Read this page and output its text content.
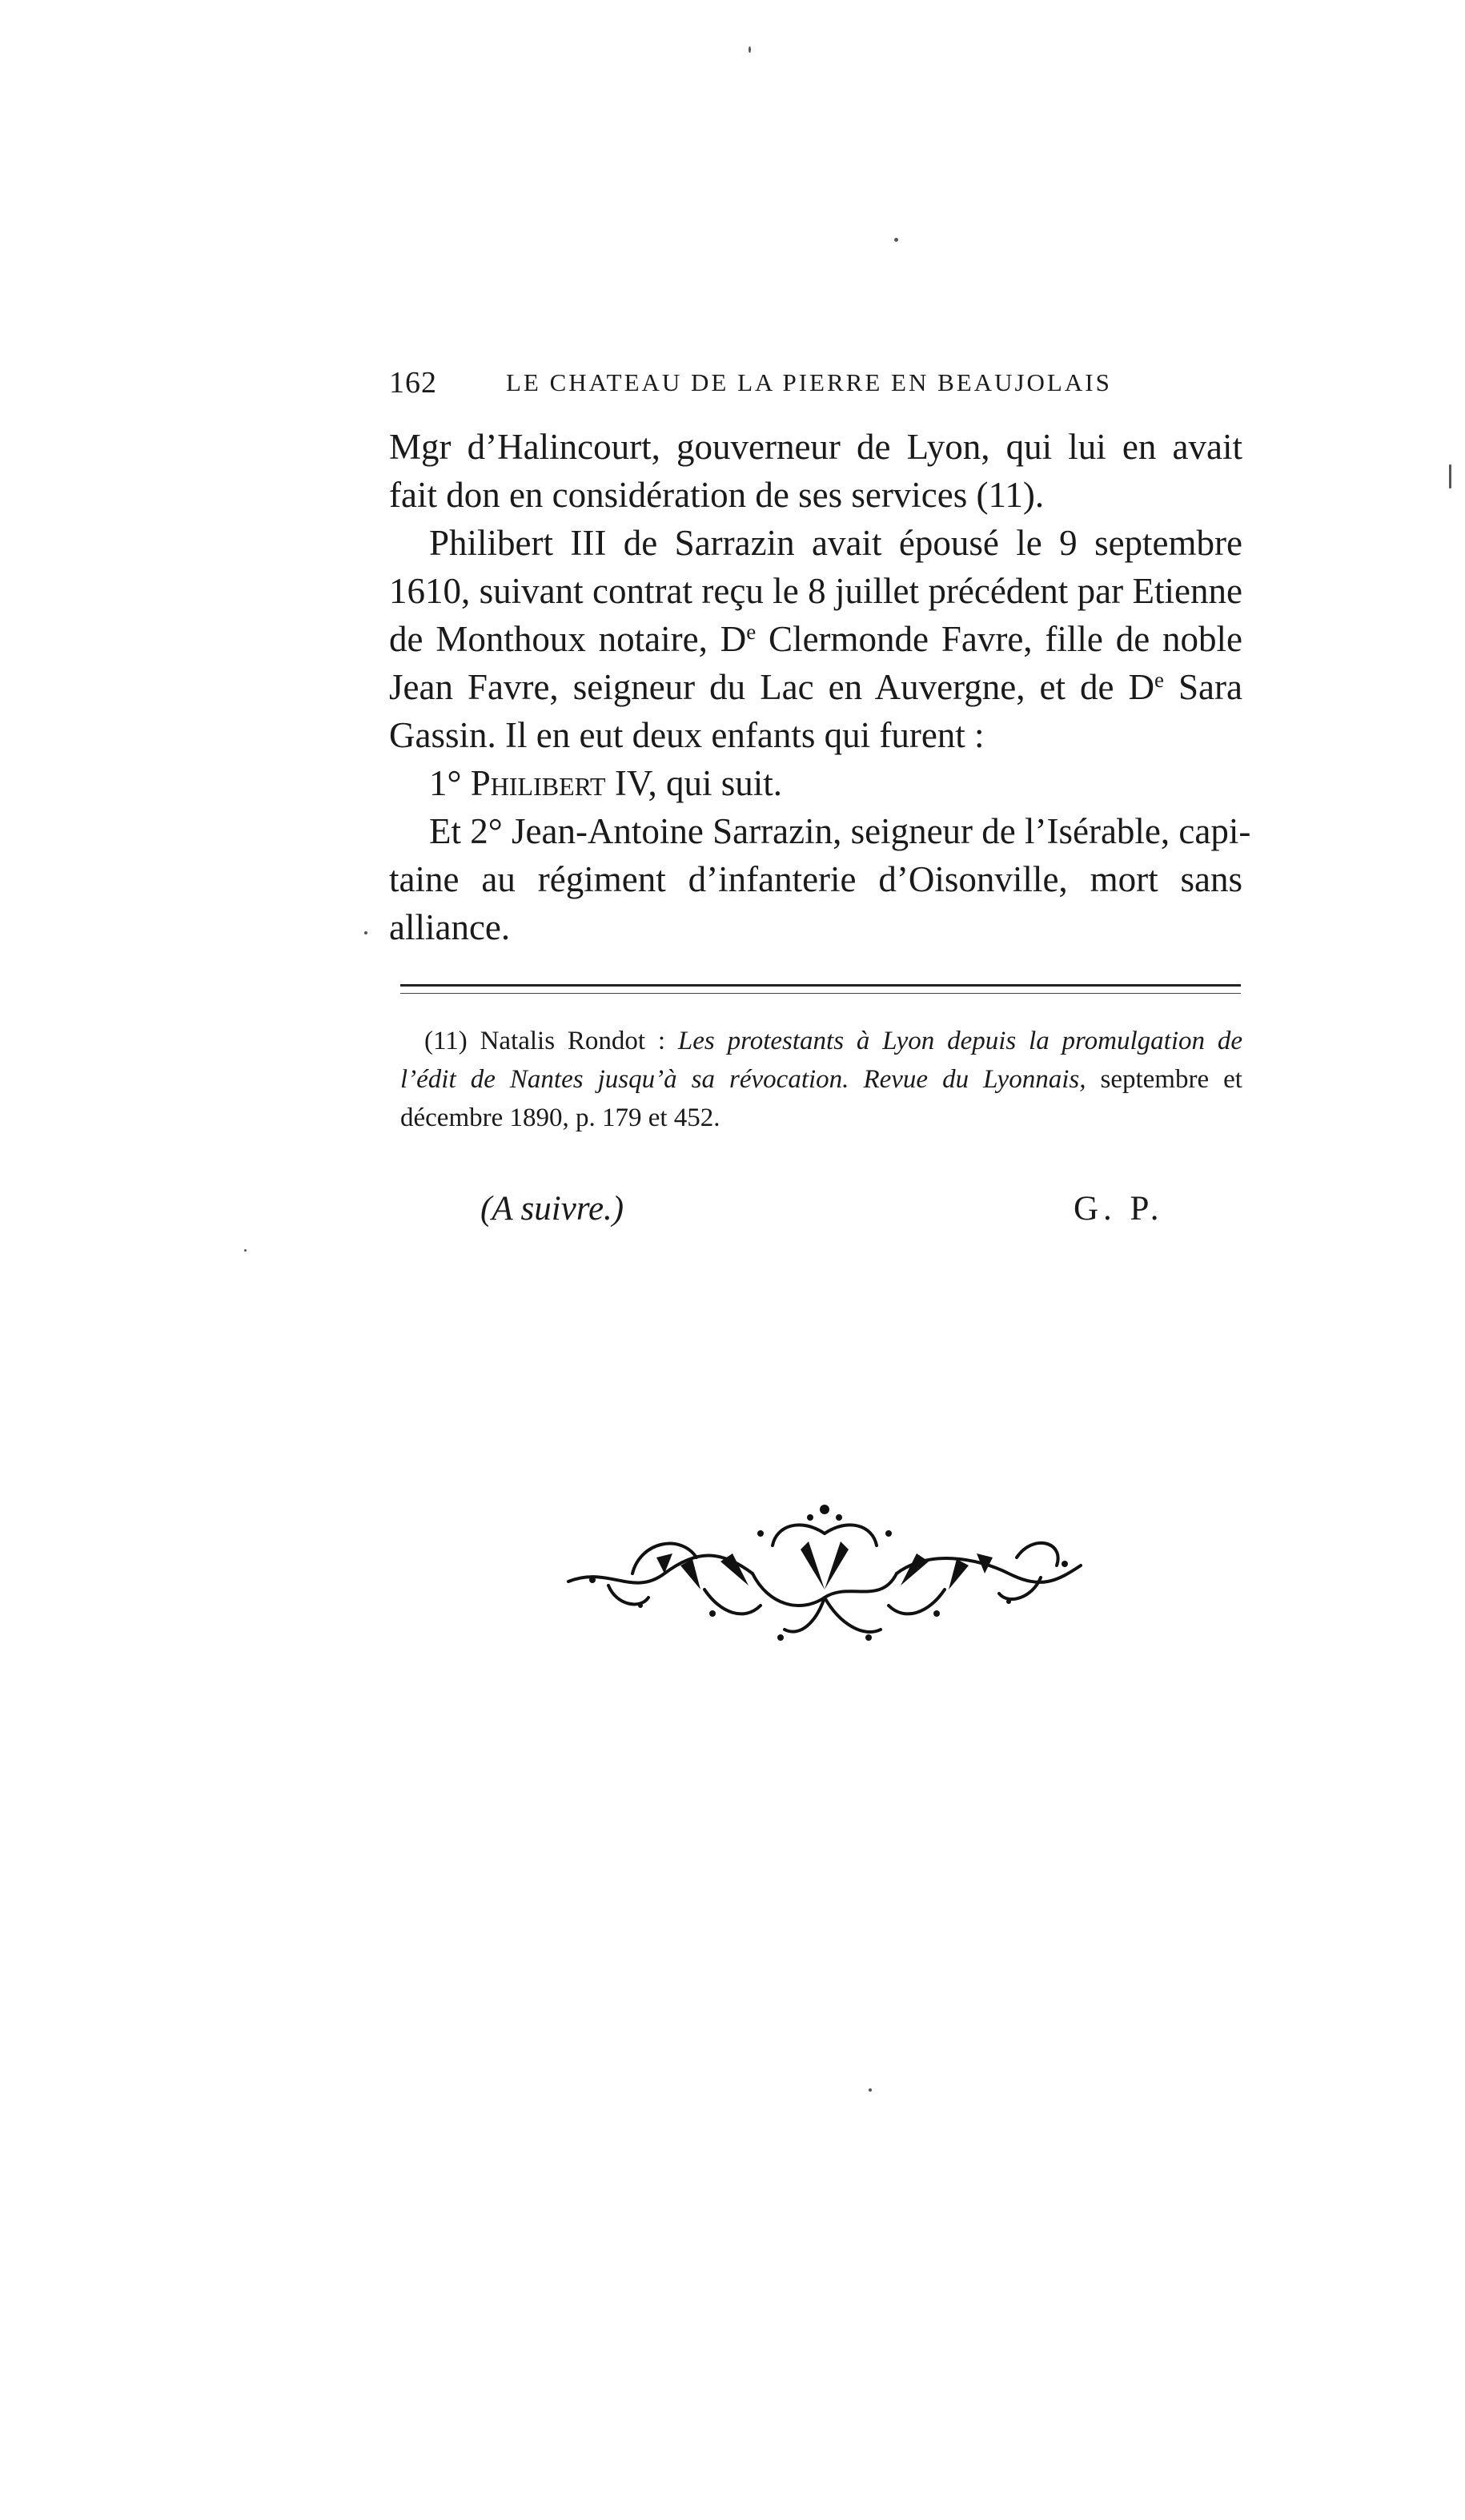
162	LE CHATEAU DE LA PIERRE EN BEAUJOLAIS

Mgr d’Halincourt, gouverneur de Lyon, qui lui en avait
fait don en considération de ses services (11).

Philibert III de Sarrazin avait épousé le 9 septembre
1610, suivant contrat reçu le 8 juillet précédent par Etienne
de Monthoux notaire, De Clermonde Favre, fille de noble
Jean Favre, seigneur du Lac en Auvergne, et de De Sara
Gassin. Il en eut deux enfants qui furent :

1° Philibert IV, qui suit.

Et 2° Jean-Antoine Sarrazin, seigneur de l’Isérable, capi-
taine au régiment d’infanterie d’Oisonville, mort sans
alliance.

(11) Natalis Rondot : Les protestants à Lyon depuis la promulgation de
l’édit de Nantes jusqu’à sa révocation. Revue du Lyonnais, septembre et
décembre 1890, p. 179 et 452.
(A suivre.)	G. P.
